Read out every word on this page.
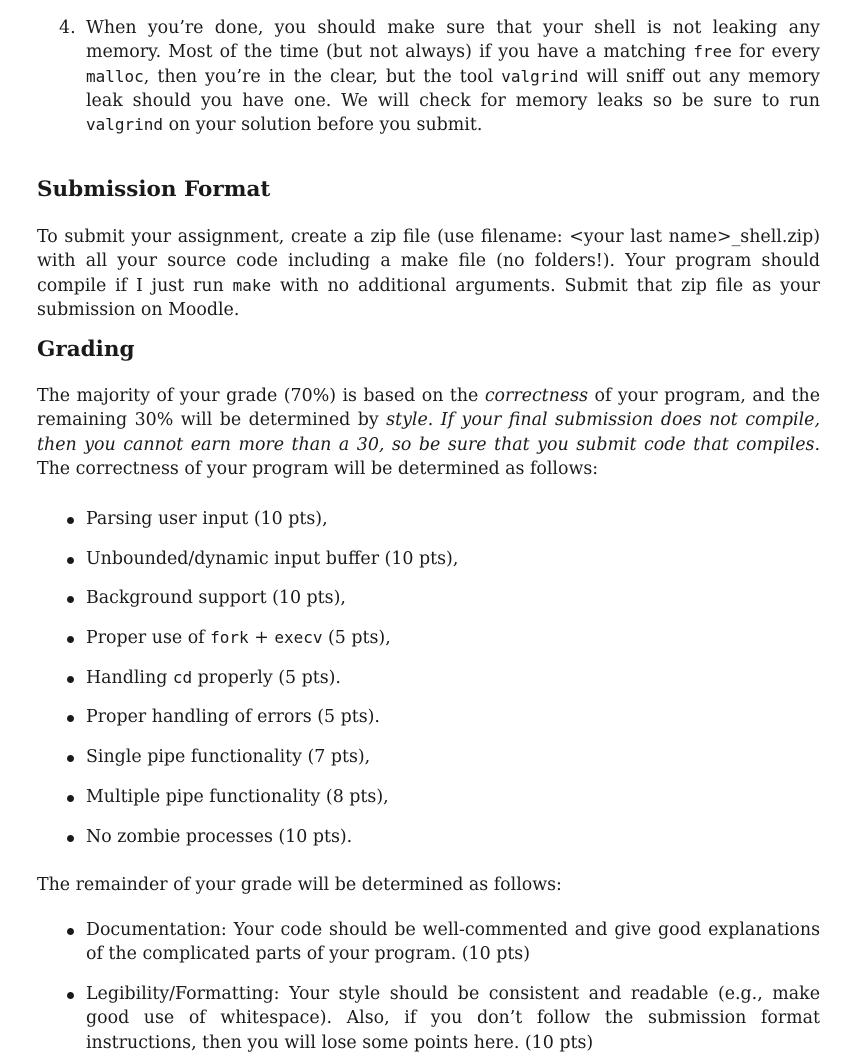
4. When you’re done, you should make sure that your shell is not leaking any memory. Most of the time (but not always) if you have a matching free for every malloc, then you’re in the clear, but the tool valgrind will sniff out any memory leak should you have one. We will check for memory leaks so be sure to run valgrind on your solution before you submit.

Submission Format

To submit your assignment, create a zip file (use filename: <your last name>_shell.zip) with all your source code including a make file (no folders!). Your program should compile if I just run make with no additional arguments. Submit that zip file as your submission on Moodle.

Grading

The majority of your grade (70%) is based on the correctness of your program, and the remaining 30% will be determined by style. If your final submission does not compile, then you cannot earn more than a 30, so be sure that you submit code that compiles. The correctness of your program will be determined as follows:

Parsing user input (10 pts),

Unbounded/dynamic input buffer (10 pts),

Background support (10 pts),

Proper use of fork + execv (5 pts),

Handling cd properly (5 pts).

Proper handling of errors (5 pts).

Single pipe functionality (7 pts),

Multiple pipe functionality (8 pts),

No zombie processes (10 pts).

The remainder of your grade will be determined as follows:

Documentation: Your code should be well-commented and give good explanations of the complicated parts of your program. (10 pts)

Legibility/Formatting: Your style should be consistent and readable (e.g., make good use of whitespace). Also, if you don’t follow the submission format instructions, then you will lose some points here. (10 pts)
